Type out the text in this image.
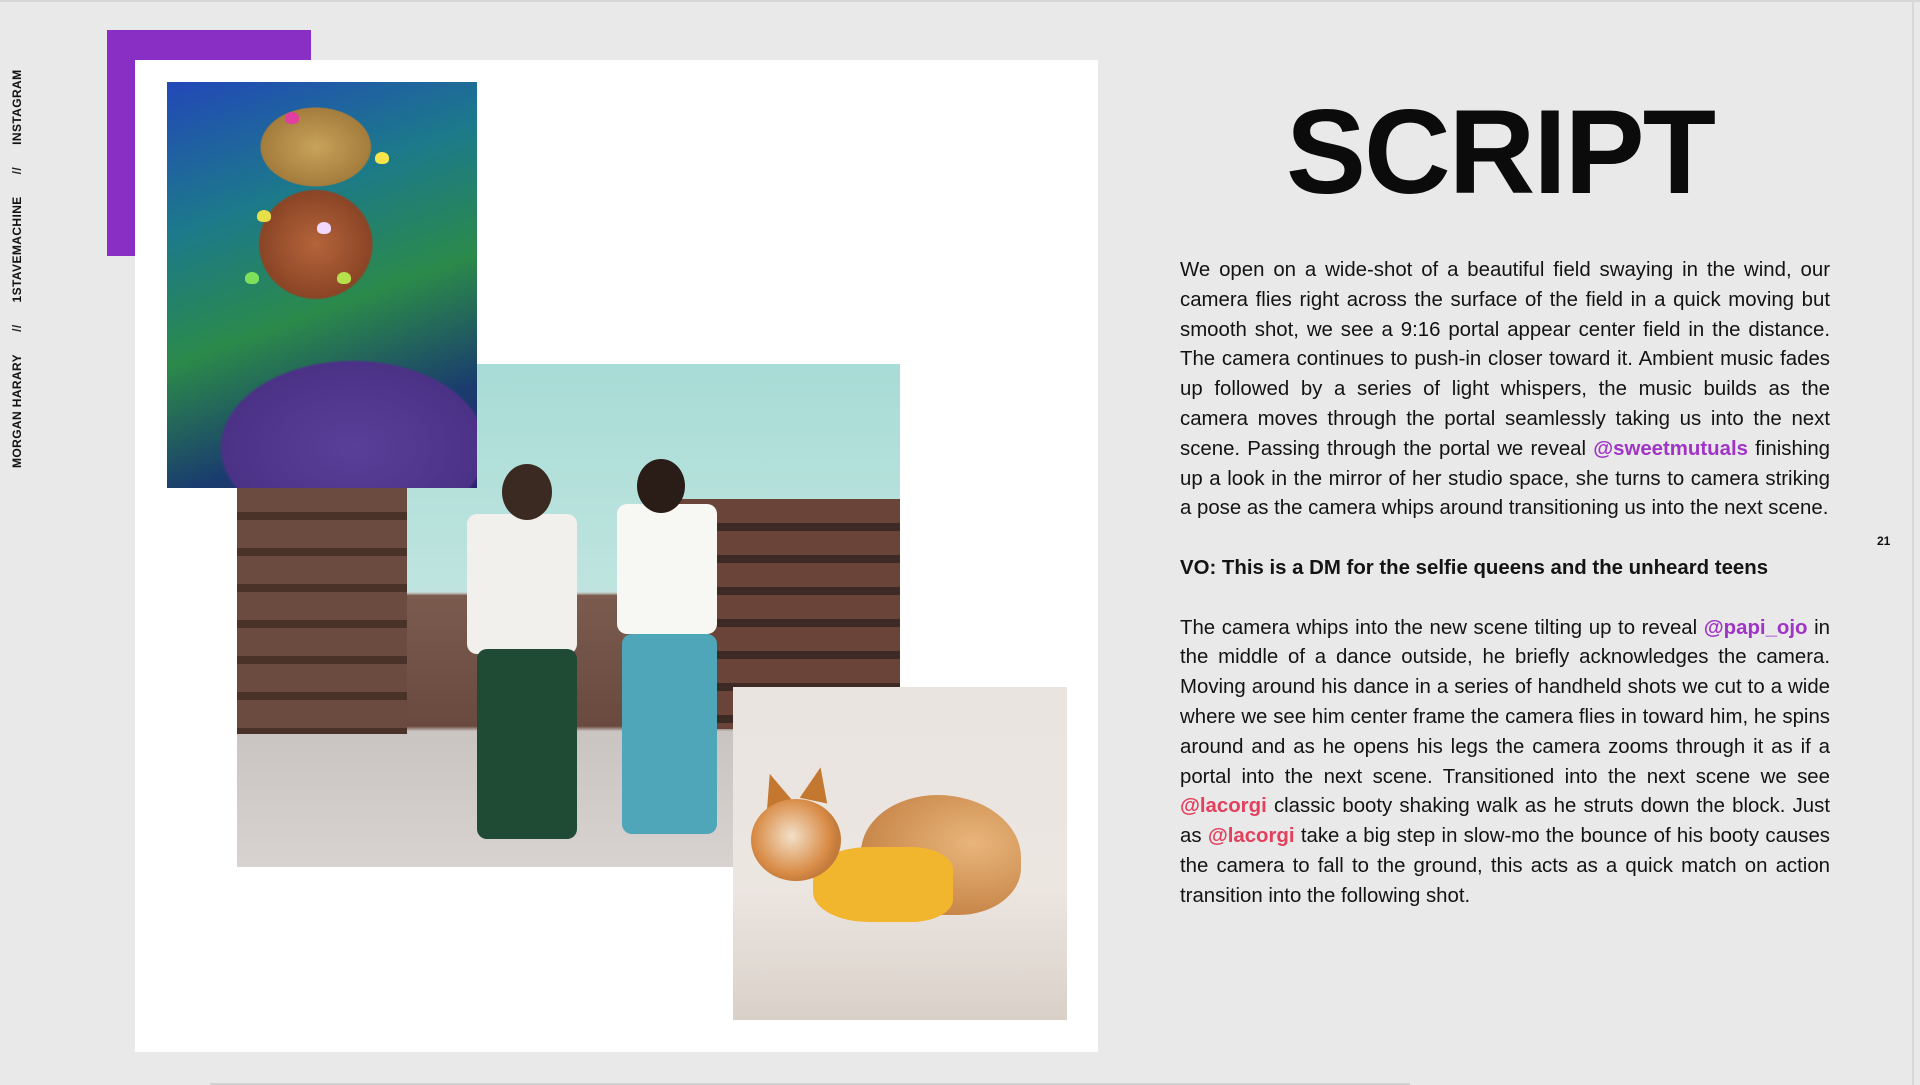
MORGAN HARARY
//
1STAVEMACHINE
//
INSTAGRAM	SCRIPT

We open on a wide-shot of a beautiful field swaying in the wind, our camera flies right across the surface of the field in a quick moving but smooth shot, we see a 9:16 portal appear center field in the distance. The camera continues to push-in closer toward it. Ambient music fades up followed by a series of light whispers, the music builds as the camera moves through the portal seamlessly taking us into the next scene. Passing through the portal we reveal @sweetmutuals finishing up a look in the mirror of her studio space, she turns to camera striking a pose as the camera whips around transitioning us into the next scene.

VO: This is a DM for the selfie queens and the unheard teens

The camera whips into the new scene tilting up to reveal @papi_ojo in the middle of a dance outside, he briefly acknowledges the camera. Moving around his dance in a series of handheld shots we cut to a wide where we see him center frame the camera flies in toward him, he spins around and as he opens his legs the camera zooms through it as if a portal into the next scene. Transitioned into the next scene we see @lacorgi classic booty shaking walk as he struts down the block. Just as @lacorgi take a big step in slow-mo the bounce of his booty causes the camera to fall to the ground, this acts as a quick match on action transition into the following shot.

21
